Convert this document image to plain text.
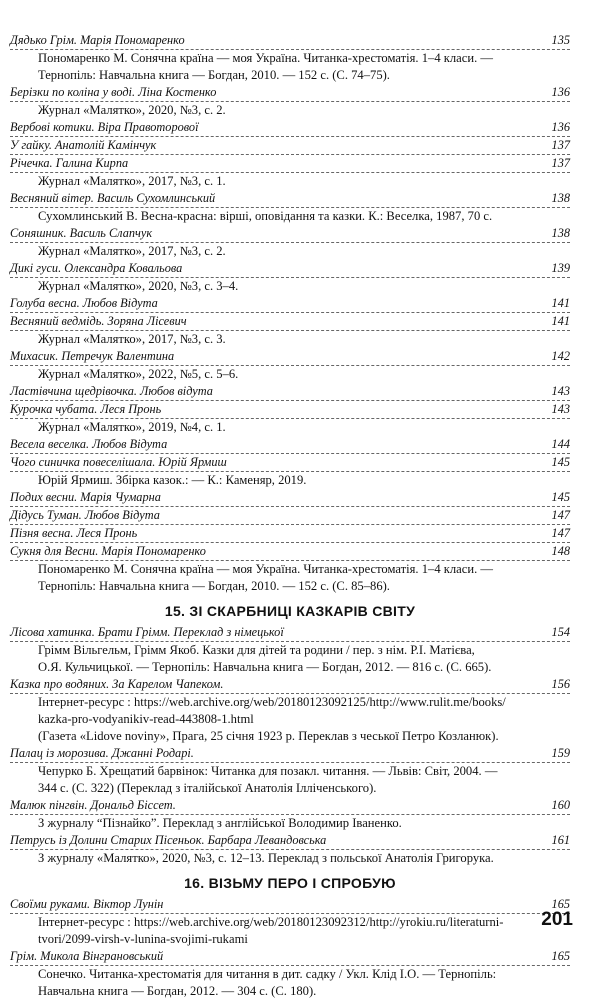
Дядько Грім. Марія Пономаренко	135
Пономаренко М. Сонячна країна — моя Україна. Читанка-хрестоматія. 1–4 класи. —
Тернопіль: Навчальна книга — Богдан, 2010. — 152 с. (С. 74–75).
Берізки по коліна у воді. Ліна Костенко	136
Журнал «Малятко», 2020, №3, с. 2.
Вербові котики. Віра Правоторової	136
У гайку. Анатолій Камінчук	137
Річечка. Галина Кирпа	137
Журнал «Малятко», 2017, №3, с. 1.
Весняний вітер. Василь Сухомлинський	138
Сухомлинський В. Весна-красна: вірші, оповідання та казки. К.: Веселка, 1987, 70 с.
Соняшник. Василь Слапчук	138
Журнал «Малятко», 2017, №3, с. 2.
Дикі гуси. Олександра Ковальова	139
Журнал «Малятко», 2020, №3, с. 3–4.
Голуба весна. Любов Відута	141
Весняний ведмідь. Зоряна Лісевич	141
Журнал «Малятко», 2017, №3, с. 3.
Михасик. Петречук Валентина	142
Журнал «Малятко», 2022, №5, с. 5–6.
Ластівчина щедрівочка. Любов відута	143
Курочка чубата. Леся Пронь	143
Журнал «Малятко», 2019, №4, с. 1.
Весела веселка. Любов Відута	144
Чого синичка повеселішала. Юрій Ярмиш	145
Юрій Ярмиш. Збірка казок.: — К.: Каменяр, 2019.
Подих весни. Марія Чумарна	145
Дідусь Туман. Любов Відута	147
Пізня весна. Леся Пронь	147
Сукня для Весни. Марія Пономаренко	148
Пономаренко М. Сонячна країна — моя Україна. Читанка-хрестоматія. 1–4 класи. —
Тернопіль: Навчальна книга — Богдан, 2010. — 152 с. (С. 85–86).
15. ЗІ СКАРБНИЦІ КАЗКАРІВ СВІТУ
Лісова хатинка. Брати Грімм. Переклад з німецької	154
Грімм Вільгельм, Грімм Якоб. Казки для дітей та родини / пер. з нім. Р.І. Матієва,
О.Я. Кульчицької. — Тернопіль: Навчальна книга — Богдан, 2012. — 816 с. (С. 665).
Казка про водяних. За Карелом Чапеком.	156
Інтернет-ресурс : https://web.archive.org/web/20180123092125/http://www.rulit.me/books/
kazka-pro-vodyanikiv-read-443808-1.html
(Газета «Lidove noviny», Прага, 25 січня 1923 р. Переклав з чеської Петро Козланюк).
Палац із морозива. Джанні Родарі.	159
Чепурко Б. Хрещатий барвінок: Читанка для позакл. читання. — Львів: Світ, 2004. —
344 с. (С. 322) (Переклад з італійської Анатолія Ілліченського).
Малюк пінгвін. Дональд Біссет.	160
З журналу “Пізнайко”. Переклад з англійської Володимир Іваненко.
Петрусь із Долини Старих Пісеньок. Барбара Левандовська	161
З журналу «Малятко», 2020, №3, с. 12–13. Переклад з польської Анатолія Григорука.
16. ВІЗЬМУ ПЕРО І СПРОБУЮ
Своїми руками. Віктор Лунін	165
Інтернет-ресурс : https://web.archive.org/web/20180123092312/http://yrokiu.ru/literaturni-
tvori/2099-virsh-v-lunina-svojimi-rukami
Грім. Микола Вінграновський	165
Сонечко. Читанка-хрестоматія для читання в дит. садку / Укл. Клід І.О. — Тернопіль:
Навчальна книга — Богдан, 2012. — 304 с. (С. 180).
201
